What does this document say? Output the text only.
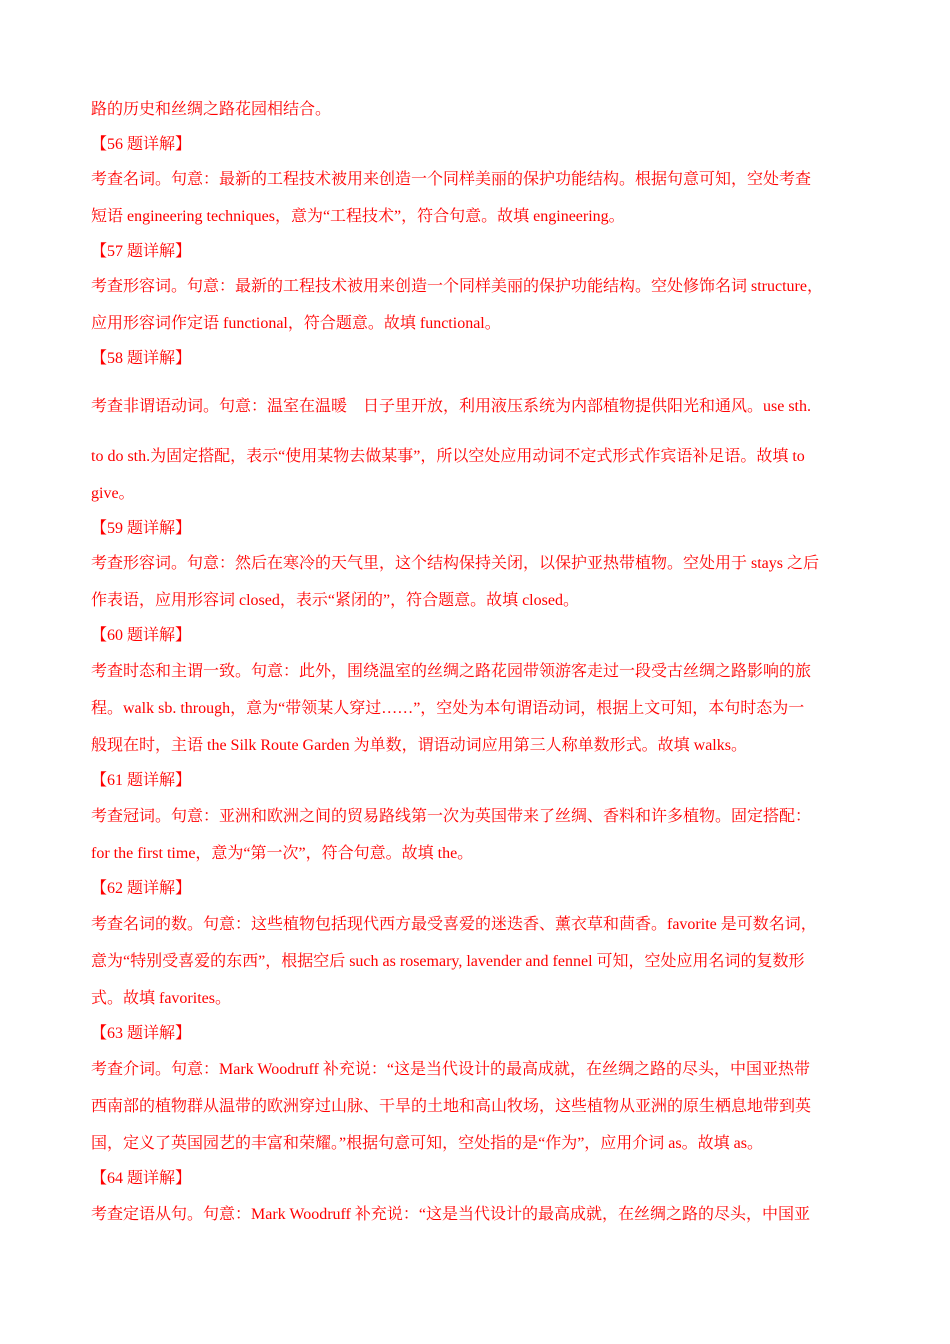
路的历史和丝绸之路花园相结合。
【56 题详解】
考查名词。句意：最新的工程技术被用来创造一个同样美丽的保护功能结构。根据句意可知，空处考查
短语 engineering techniques，意为“工程技术”，符合句意。故填 engineering。
【57 题详解】
考查形容词。句意：最新的工程技术被用来创造一个同样美丽的保护功能结构。空处修饰名词 structure，
应用形容词作定语 functional，符合题意。故填 functional。
【58 题详解】
考查非谓语动词。句意：温室在温暖　日子里开放，利用液压系统为内部植物提供阳光和通风。use sth.
to do sth.为固定搭配，表示“使用某物去做某事”，所以空处应用动词不定式形式作宾语补足语。故填 to
give。
【59 题详解】
考查形容词。句意：然后在寒冷的天气里，这个结构保持关闭，以保护亚热带植物。空处用于 stays 之后
作表语，应用形容词 closed，表示“紧闭的”，符合题意。故填 closed。
【60 题详解】
考查时态和主谓一致。句意：此外，围绕温室的丝绸之路花园带领游客走过一段受古丝绸之路影响的旅
程。walk sb. through，意为“带领某人穿过……”，空处为本句谓语动词，根据上文可知，本句时态为一
般现在时，主语 the Silk Route Garden 为单数，谓语动词应用第三人称单数形式。故填 walks。
【61 题详解】
考查冠词。句意：亚洲和欧洲之间的贸易路线第一次为英国带来了丝绸、香料和许多植物。固定搭配：
for the first time，意为“第一次”，符合句意。故填 the。
【62 题详解】
考查名词的数。句意：这些植物包括现代西方最受喜爱的迷迭香、薰衣草和茴香。favorite 是可数名词，
意为“特别受喜爱的东西”，根据空后 such as rosemary, lavender and fennel 可知，空处应用名词的复数形
式。故填 favorites。
【63 题详解】
考查介词。句意：Mark Woodruff 补充说：“这是当代设计的最高成就，在丝绸之路的尽头，中国亚热带
西南部的植物群从温带的欧洲穿过山脉、干旱的土地和高山牧场，这些植物从亚洲的原生栖息地带到英
国，定义了英国园艺的丰富和荣耀。”根据句意可知，空处指的是“作为”，应用介词 as。故填 as。
【64 题详解】
考查定语从句。句意：Mark Woodruff 补充说：“这是当代设计的最高成就，在丝绸之路的尽头，中国亚
